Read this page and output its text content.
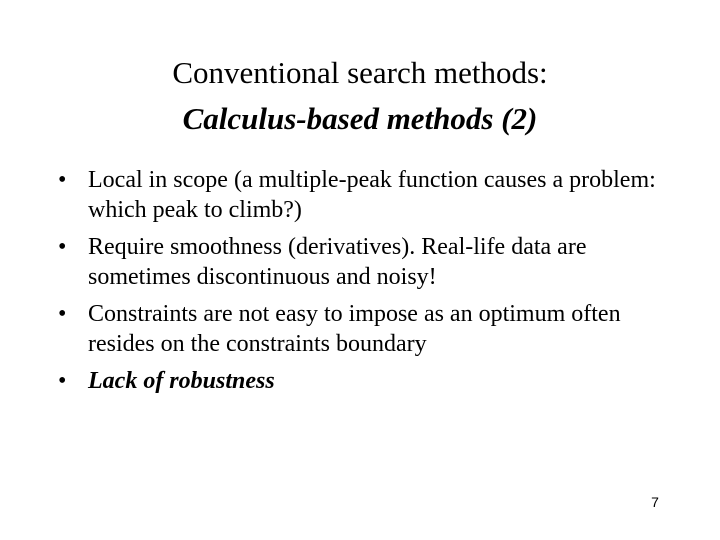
Conventional search methods:
Calculus-based methods (2)
• Local in scope (a multiple-peak function causes a problem: which peak to climb?)
• Require smoothness (derivatives). Real-life data are sometimes discontinuous and noisy!
• Constraints are not easy to impose as an optimum often resides on the constraints boundary
• Lack of robustness
7
